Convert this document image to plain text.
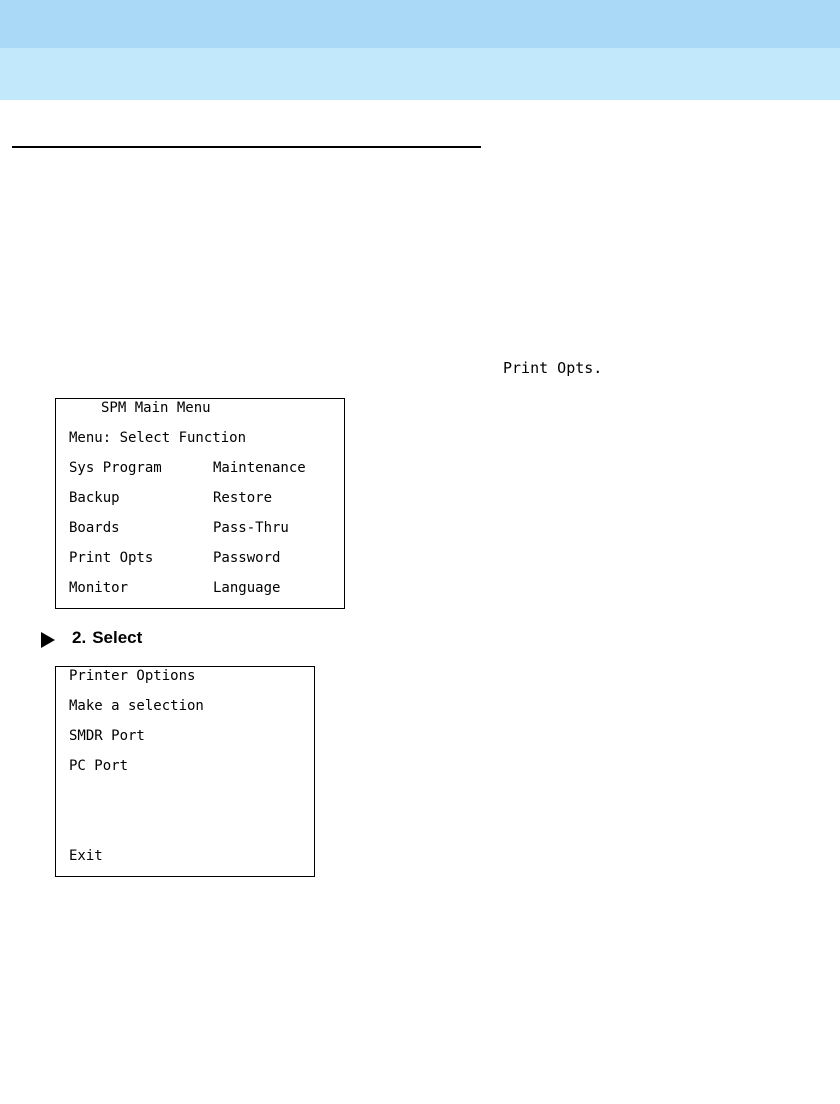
Print Opts.
SPM Main Menu
Menu: Select Function
Sys Program	Maintenance
Backup	Restore
Boards	Pass-Thru
Print Opts	Password
Monitor	Language
2. Select
Printer Options
Make a selection
SMDR Port
PC Port
Exit
